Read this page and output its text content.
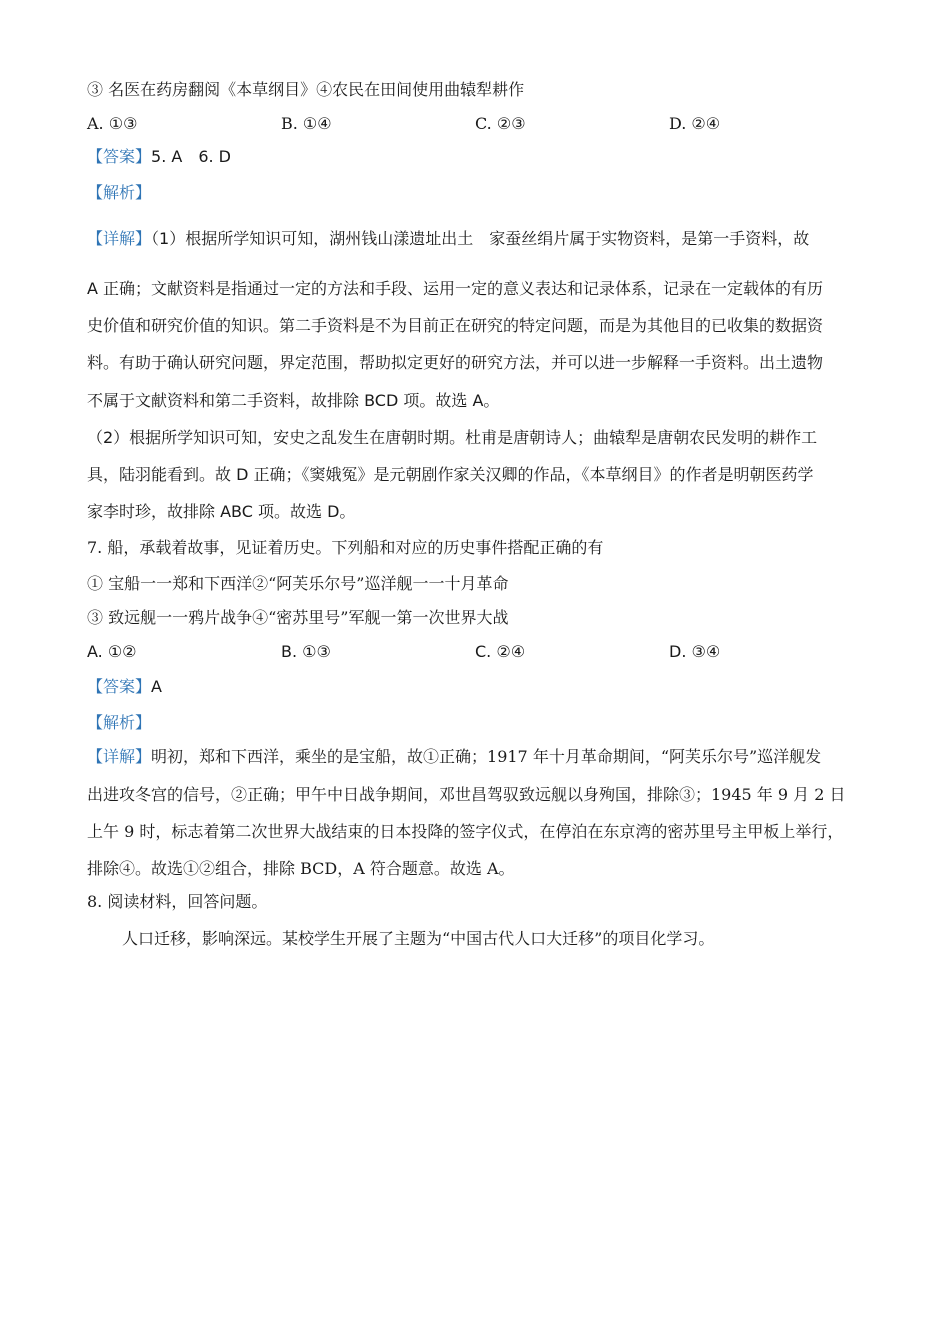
③ 名医在药房翻阅《本草纲目》④农民在田间使用曲辕犁耕作
A. ①③	B. ①④	C. ②③	D. ②④
【答案】5. A　6. D
【解析】
【详解】（1）根据所学知识可知，湖州钱山漾遗址出土　家蚕丝绢片属于实物资料，是第一手资料，故
A 正确；文献资料是指通过一定的方法和手段、运用一定的意义表达和记录体系，记录在一定载体的有历
史价值和研究价值的知识。第二手资料是不为目前正在研究的特定问题，而是为其他目的已收集的数据资
料。有助于确认研究问题，界定范围，帮助拟定更好的研究方法，并可以进一步解释一手资料。出土遗物
不属于文献资料和第二手资料，故排除 BCD 项。故选 A。
（2）根据所学知识可知，安史之乱发生在唐朝时期。杜甫是唐朝诗人；曲辕犁是唐朝农民发明的耕作工
具，陆羽能看到。故 D 正确；《窦娥冤》是元朝剧作家关汉卿的作品，《本草纲目》的作者是明朝医药学
家李时珍，故排除 ABC 项。故选 D。
7. 船，承载着故事，见证着历史。下列船和对应的历史事件搭配正确的有
① 宝船一一郑和下西洋②“阿芙乐尔号”巡洋舰一一十月革命
③ 致远舰一一鸦片战争④“密苏里号”军舰一第一次世界大战
A. ①②	B. ①③	C. ②④	D. ③④
【答案】A
【解析】
【详解】明初，郑和下西洋，乘坐的是宝船，故①正确；1917 年十月革命期间，“阿芙乐尔号”巡洋舰发
出进攻冬宫的信号，②正确；甲午中日战争期间，邓世昌驾驭致远舰以身殉国，排除③；1945 年 9 月 2 日
上午 9 时，标志着第二次世界大战结束的日本投降的签字仪式，在停泊在东京湾的密苏里号主甲板上举行，
排除④。故选①②组合，排除 BCD，A 符合题意。故选 A。
8. 阅读材料，回答问题。
人口迁移，影响深远。某校学生开展了主题为“中国古代人口大迁移”的项目化学习。
